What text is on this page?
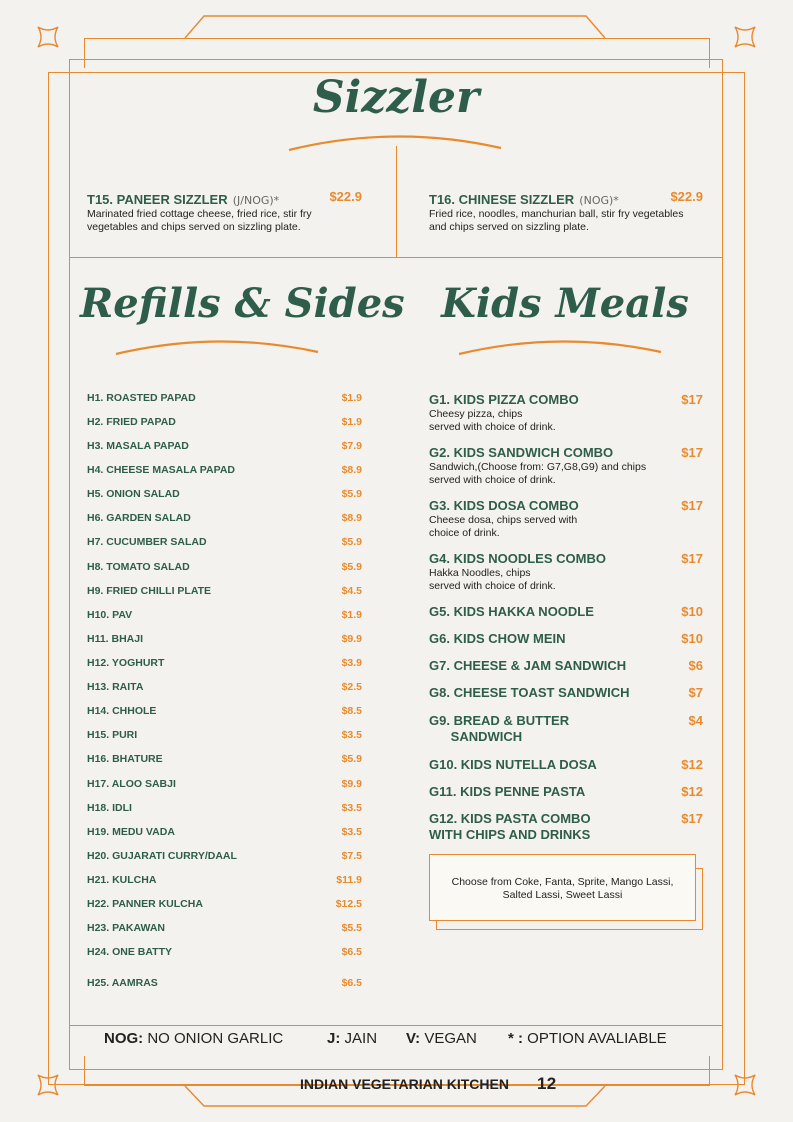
Sizzler
T15. PANEER SIZZLER (J/NOG)*	$22.9
Marinated fried cottage cheese, fried rice, stir fry vegetables and chips served on sizzling plate.
T16. CHINESE SIZZLER (NOG)*	$22.9
Fried rice, noodles, manchurian ball, stir fry vegetables and chips served on sizzling plate.
Refills & Sides Kids Meals
H1. ROASTED PAPAD	$1.9
H2. FRIED PAPAD	$1.9
H3. MASALA PAPAD	$7.9
H4. CHEESE MASALA PAPAD	$8.9
H5. ONION SALAD	$5.9
H6. GARDEN SALAD	$8.9
H7. CUCUMBER SALAD	$5.9
H8. TOMATO SALAD	$5.9
H9. FRIED CHILLI PLATE	$4.5
H10. PAV	$1.9
H11. BHAJI	$9.9
H12. YOGHURT	$3.9
H13. RAITA	$2.5
H14. CHHOLE	$8.5
H15. PURI	$3.5
H16. BHATURE	$5.9
H17. ALOO SABJI	$9.9
H18. IDLI	$3.5
H19. MEDU VADA	$3.5
H20. GUJARATI CURRY/DAAL	$7.5
H21. KULCHA	$11.9
H22. PANNER KULCHA	$12.5
H23. PAKAWAN	$5.5
H24. ONE BATTY	$6.5
H25. AAMRAS	$6.5
G1. KIDS PIZZA COMBO	$17
Cheesy pizza, chips
served with choice of drink.
G2. KIDS SANDWICH COMBO	$17
Sandwich,(Choose from: G7,G8,G9) and chips
served with choice of drink.
G3. KIDS DOSA COMBO	$17
Cheese dosa, chips served with
choice of drink.
G4. KIDS NOODLES COMBO	$17
Hakka Noodles, chips
served with choice of drink.
G5. KIDS HAKKA NOODLE	$10
G6. KIDS CHOW MEIN	$10
G7. CHEESE & JAM SANDWICH	$6
G8. CHEESE TOAST SANDWICH	$7
G9. BREAD & BUTTER
SANDWICH
$4
G10. KIDS NUTELLA DOSA	$12
G11. KIDS PENNE PASTA	$12
G12. KIDS PASTA COMBO
WITH CHIPS AND DRINKS
$17
Choose from Coke, Fanta, Sprite, Mango Lassi, Salted Lassi, Sweet Lassi
NOG: NO ONION GARLIC	J: JAIN V: VEGAN * : OPTION AVALIABLE
INDIAN VEGETARIAN KITCHEN 12
